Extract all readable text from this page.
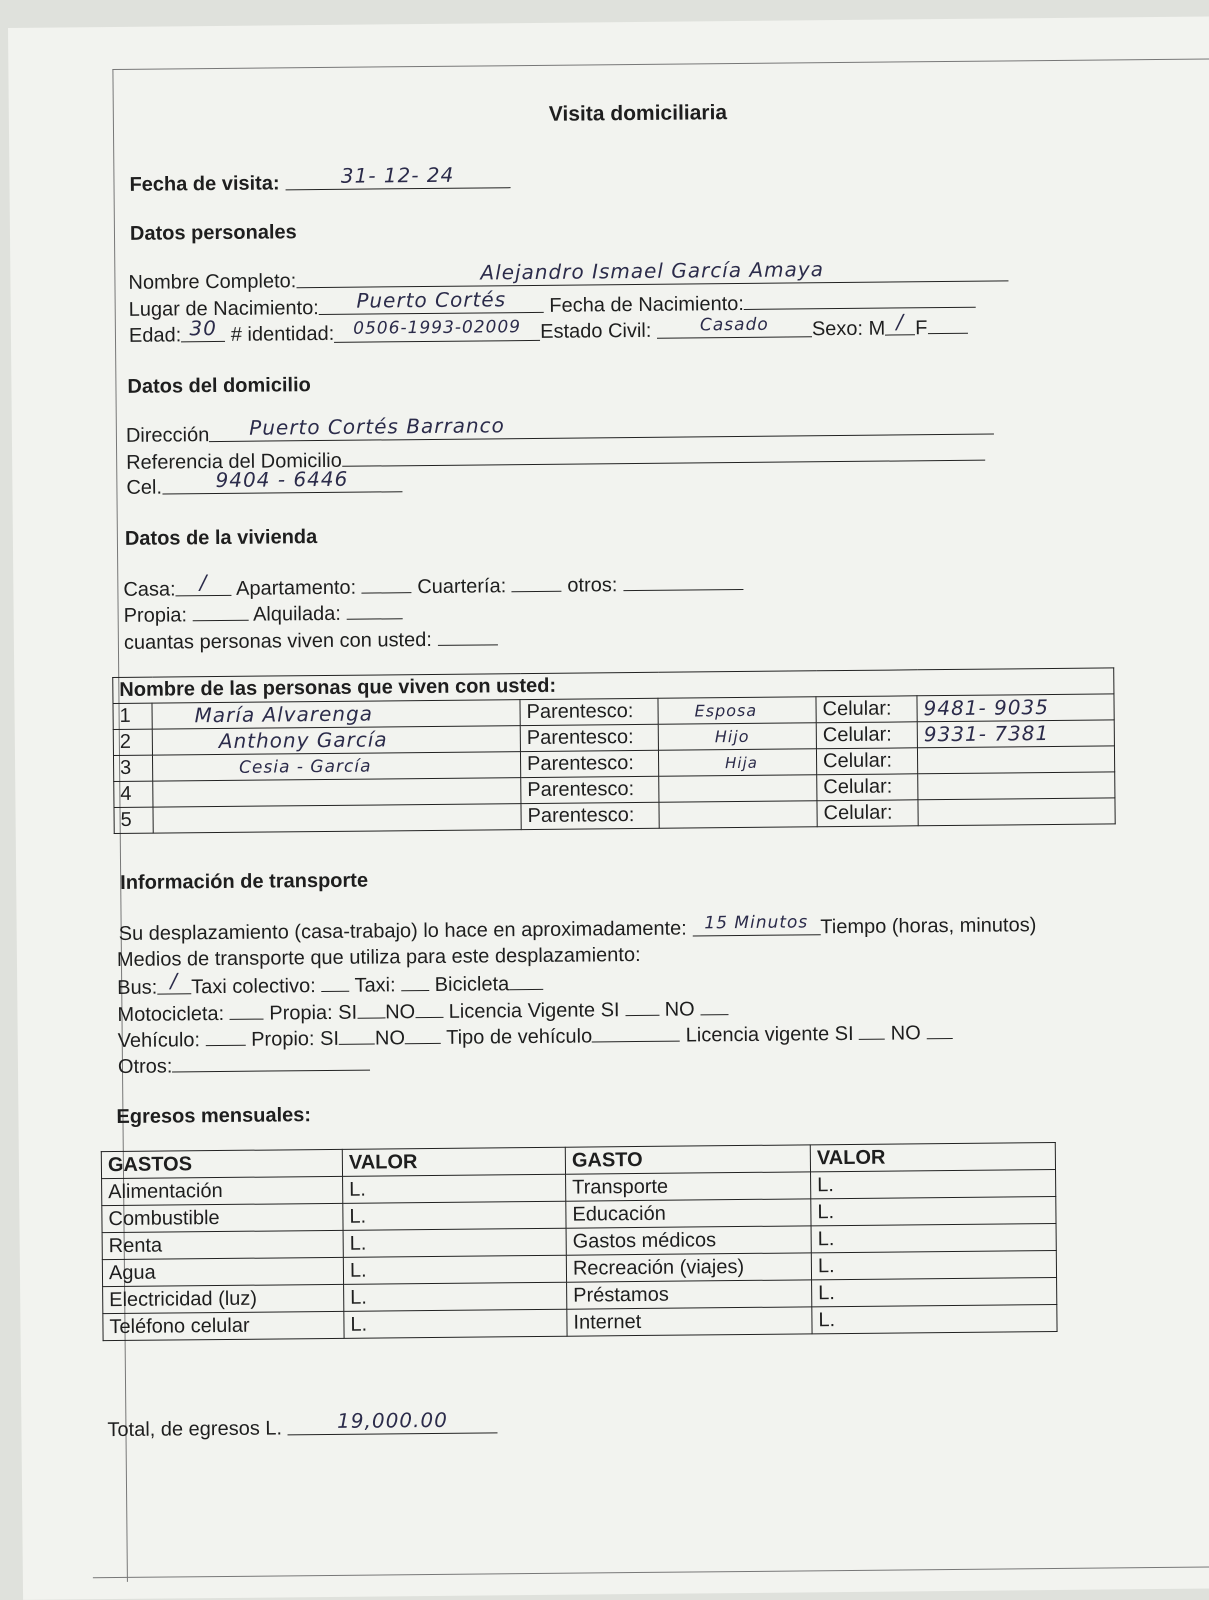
Visita domiciliaria
Fecha de visita:	31- 12- 24
Datos personales
Nombre Completo:	Alejandro Ismael García Amaya
Lugar de Nacimiento: Puerto Cortés Fecha de Nacimiento:
Edad: 30 # identidad: 0506-1993-02009 Estado Civil:	$^{Casado}$ Sexo: M / F
Datos del domicilio
Dirección Puerto Cortés Barranco
Referencia del Domicilio
Cel.	9404 - 6446
Datos de la vivienda
Casa: / Apartamento:	Cuartería:	otros:
Propia:	Alquilada:
cuantas personas viven con usted:
Nombre de las personas que viven con usted:					
1	María Alvarenga	Parentesco:	Esposa	Celular:	9481- 9035
2	Anthony García	Parentesco:	Hijo	Celular:	9331- 7381
3	Cesia - García	Parentesco:	Hija	Celular:	
4		Parentesco:		Celular:	
5		Parentesco:		Celular:	
Información de transporte
Su desplazamiento (casa-trabajo) lo hace en aproximadamente: $^{15 Minutos}$ Tiempo (horas, minutos)
Medios de transporte que utiliza para este desplazamiento:
Bus: / Taxi colectivo: Taxi: Bicicleta
Motocicleta: Propia: SI NO Licencia Vigente SI NO
Vehículo:	Propio: SI NO Tipo de vehículo	Licencia vigente SI NO
Otros:
Egresos mensuales:
GASTOS	VALOR	GASTO	VALOR
Alimentación	L.	Transporte	L.
Combustible	L.	Educación	L.
Renta	L.	Gastos médicos	L.
Agua	L.	Recreación (viajes)	L.
Electricidad (luz)	L.	Préstamos	L.
Teléfono celular	L.	Internet	L.
Total, de egresos L.	19,000.00
